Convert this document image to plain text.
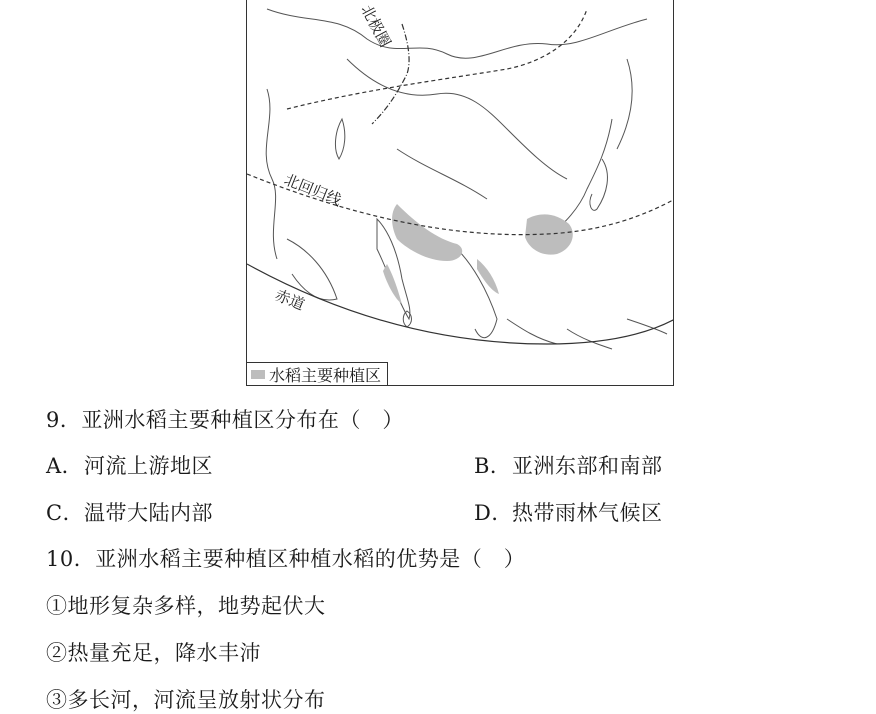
北极圈
北回归线
赤道
水稻主要种植区
9．亚洲水稻主要种植区分布在（　）
A．河流上游地区	B．亚洲东部和南部
C．温带大陆内部	D．热带雨林气候区
10．亚洲水稻主要种植区种植水稻的优势是（　）
①地形复杂多样，地势起伏大
②热量充足，降水丰沛
③多长河，河流呈放射状分布
